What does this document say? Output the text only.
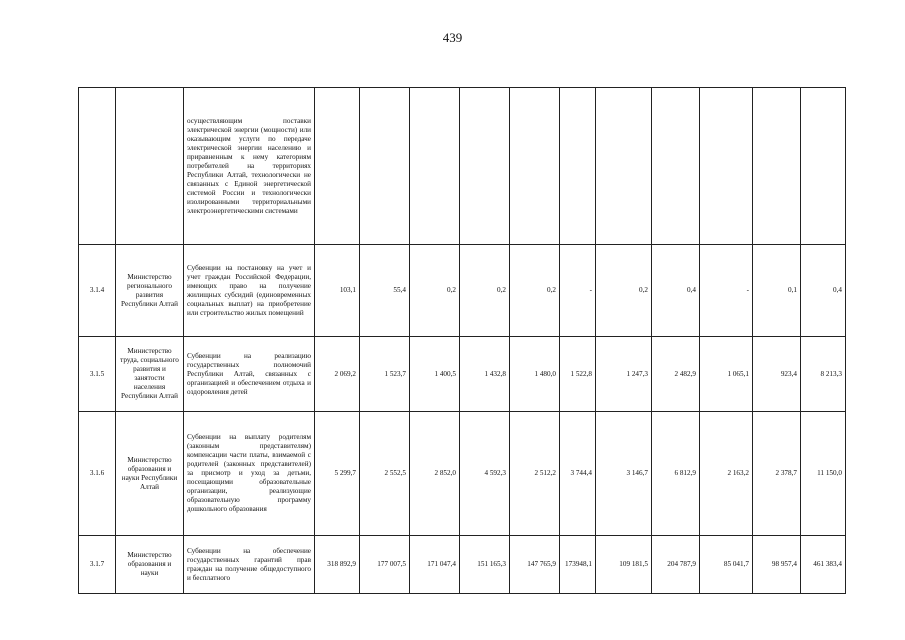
439
		осуществляющим поставки электрической энергии (мощности) или оказывающим услуги по передаче электрической энергии населению и приравненным к нему категориям потребителей на территориях Республики Алтай, технологически не связанных с Единой энергетической системой России и технологически изолированными территориальными электроэнергетическими системами											
3.1.4	Министерство регионального развития Республики Алтай	Субвенции на постановку на учет и учет граждан Российской Федерации, имеющих право на получение жилищных субсидий (единовременных социальных выплат) на приобретение или строительство жилых помещений	103,1	55,4	0,2	0,2	0,2	-	0,2	0,4	-	0,1	0,4
3.1.5	Министерство труда, социального развития и занятости населения Республики Алтай	Субвенции на реализацию государственных полномочий Республики Алтай, связанных с организацией и обеспечением отдыха и оздоровления детей	2 069,2	1 523,7	1 400,5	1 432,8	1 480,0	1 522,8	1 247,3	2 482,9	1 065,1	923,4	8 213,3
3.1.6	Министерство образования и науки Республики Алтай	Субвенции на выплату родителям (законным представителям) компенсации части платы, взимаемой с родителей (законных представителей) за присмотр и уход за детьми, посещающими образовательные организации, реализующие образовательную программу дошкольного образования	5 299,7	2 552,5	2 852,0	4 592,3	2 512,2	3 744,4	3 146,7	6 812,9	2 163,2	2 378,7	11 150,0
3.1.7	Министерство образования и науки	Субвенции на обеспечение государственных гарантий прав граждан на получение общедоступного и бесплатного	318 892,9	177 007,5	171 047,4	151 165,3	147 765,9	173948,1	109 181,5	204 787,9	85 041,7	98 957,4	461 383,4
